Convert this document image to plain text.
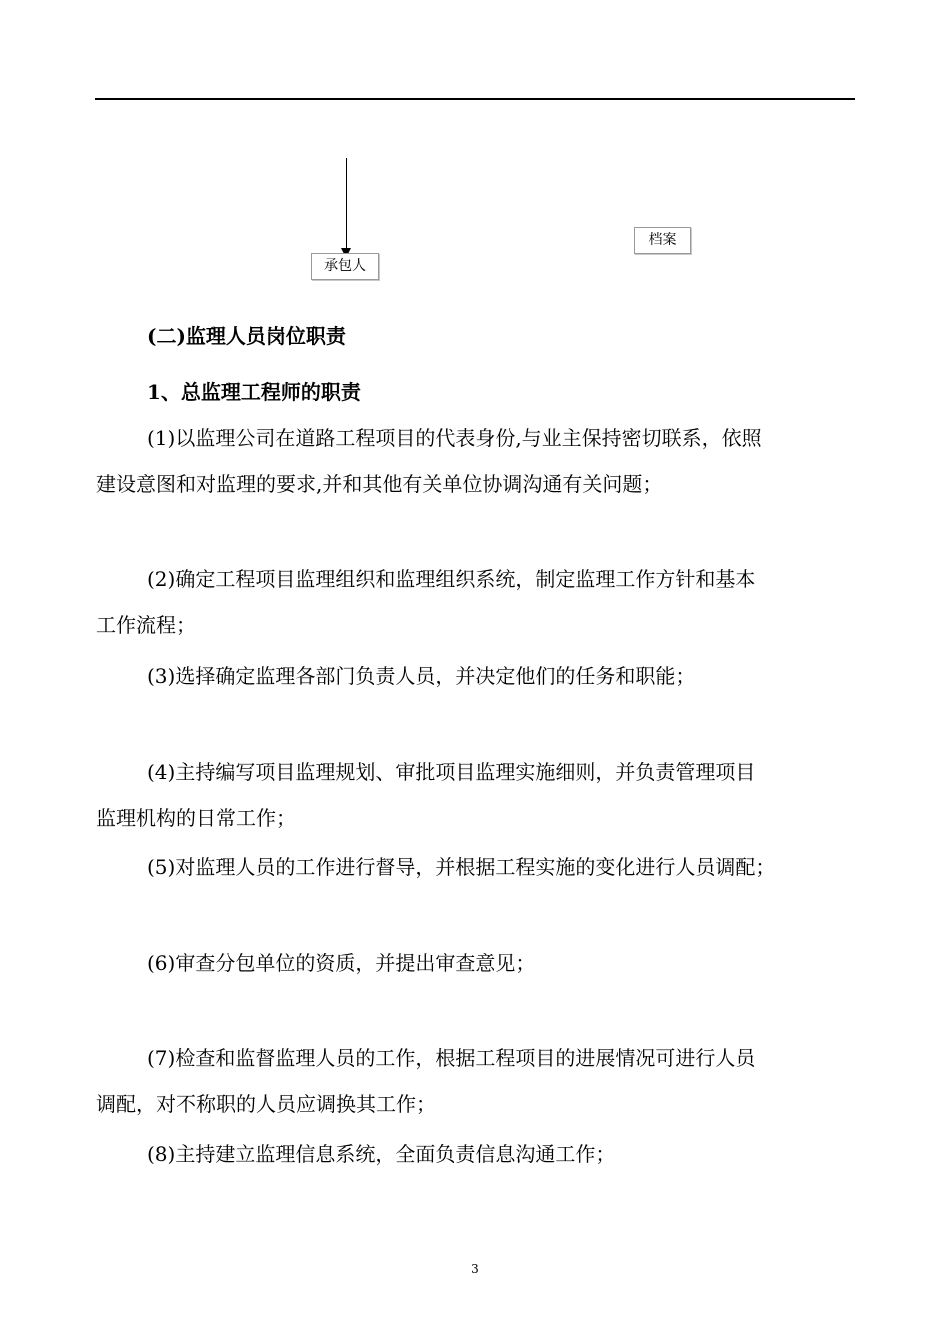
承包人
档案
(二)监理人员岗位职责
1、总监理工程师的职责
(1)以监理公司在道路工程项目的代表身份,与业主保持密切联系，依照
建设意图和对监理的要求,并和其他有关单位协调沟通有关问题；
(2)确定工程项目监理组织和监理组织系统，制定监理工作方针和基本
工作流程；
(3)选择确定监理各部门负责人员，并决定他们的任务和职能；
(4)主持编写项目监理规划、审批项目监理实施细则，并负责管理项目
监理机构的日常工作；
(5)对监理人员的工作进行督导，并根据工程实施的变化进行人员调配；
(6)审查分包单位的资质，并提出审查意见；
(7)检查和监督监理人员的工作，根据工程项目的进展情况可进行人员
调配，对不称职的人员应调换其工作；
(8)主持建立监理信息系统，全面负责信息沟通工作；
3
